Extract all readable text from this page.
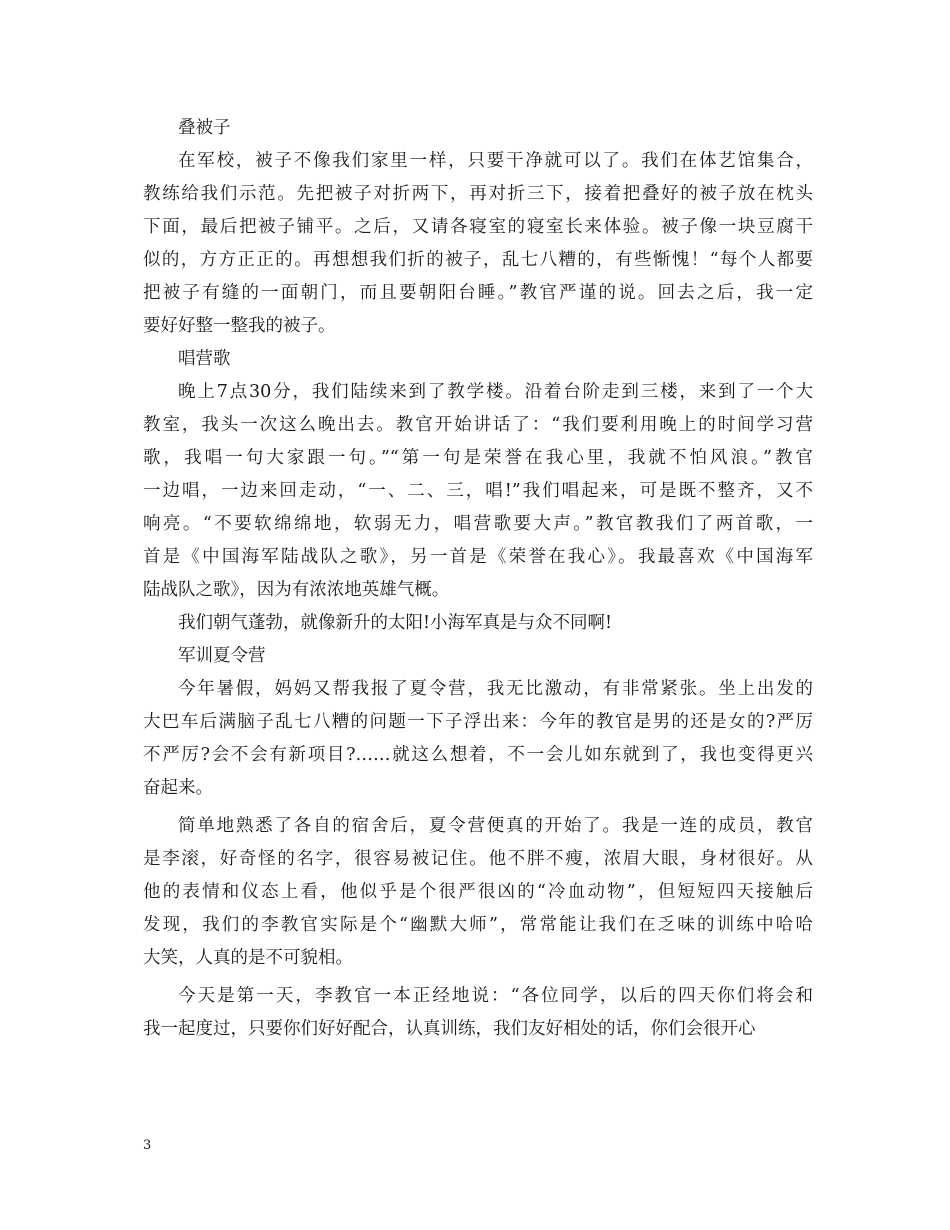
叠被子
在军校，被子不像我们家里一样，只要干净就可以了。我们在体艺馆集合，
教练给我们示范。先把被子对折两下，再对折三下，接着把叠好的被子放在枕头
下面，最后把被子铺平。之后，又请各寝室的寝室长来体验。被子像一块豆腐干
似的，方方正正的。再想想我们折的被子，乱七八糟的，有些惭愧！“每个人都要
把被子有缝的一面朝门，而且要朝阳台睡。”教官严谨的说。回去之后，我一定
要好好整一整我的被子。
唱营歌
晚上7点30分，我们陆续来到了教学楼。沿着台阶走到三楼，来到了一个大
教室，我头一次这么晚出去。教官开始讲话了：“我们要利用晚上的时间学习营
歌，我唱一句大家跟一句。”“第一句是荣誉在我心里，我就不怕风浪。”教官
一边唱，一边来回走动，“一、二、三，唱!”我们唱起来，可是既不整齐，又不
响亮。“不要软绵绵地，软弱无力，唱营歌要大声。”教官教我们了两首歌，一
首是《中国海军陆战队之歌》，另一首是《荣誉在我心》。我最喜欢《中国海军
陆战队之歌》，因为有浓浓地英雄气概。
我们朝气蓬勃，就像新升的太阳!小海军真是与众不同啊!
军训夏令营
今年暑假，妈妈又帮我报了夏令营，我无比激动，有非常紧张。坐上出发的
大巴车后满脑子乱七八糟的问题一下子浮出来：今年的教官是男的还是女的?严厉
不严厉?会不会有新项目?……就这么想着，不一会儿如东就到了，我也变得更兴
奋起来。
简单地熟悉了各自的宿舍后，夏令营便真的开始了。我是一连的成员，教官
是李滚，好奇怪的名字，很容易被记住。他不胖不瘦，浓眉大眼，身材很好。从
他的表情和仪态上看，他似乎是个很严很凶的“冷血动物”，但短短四天接触后
发现，我们的李教官实际是个“幽默大师”，常常能让我们在乏味的训练中哈哈
大笑，人真的是不可貌相。
今天是第一天，李教官一本正经地说：“各位同学，以后的四天你们将会和
我一起度过，只要你们好好配合，认真训练，我们友好相处的话，你们会很开心
3
